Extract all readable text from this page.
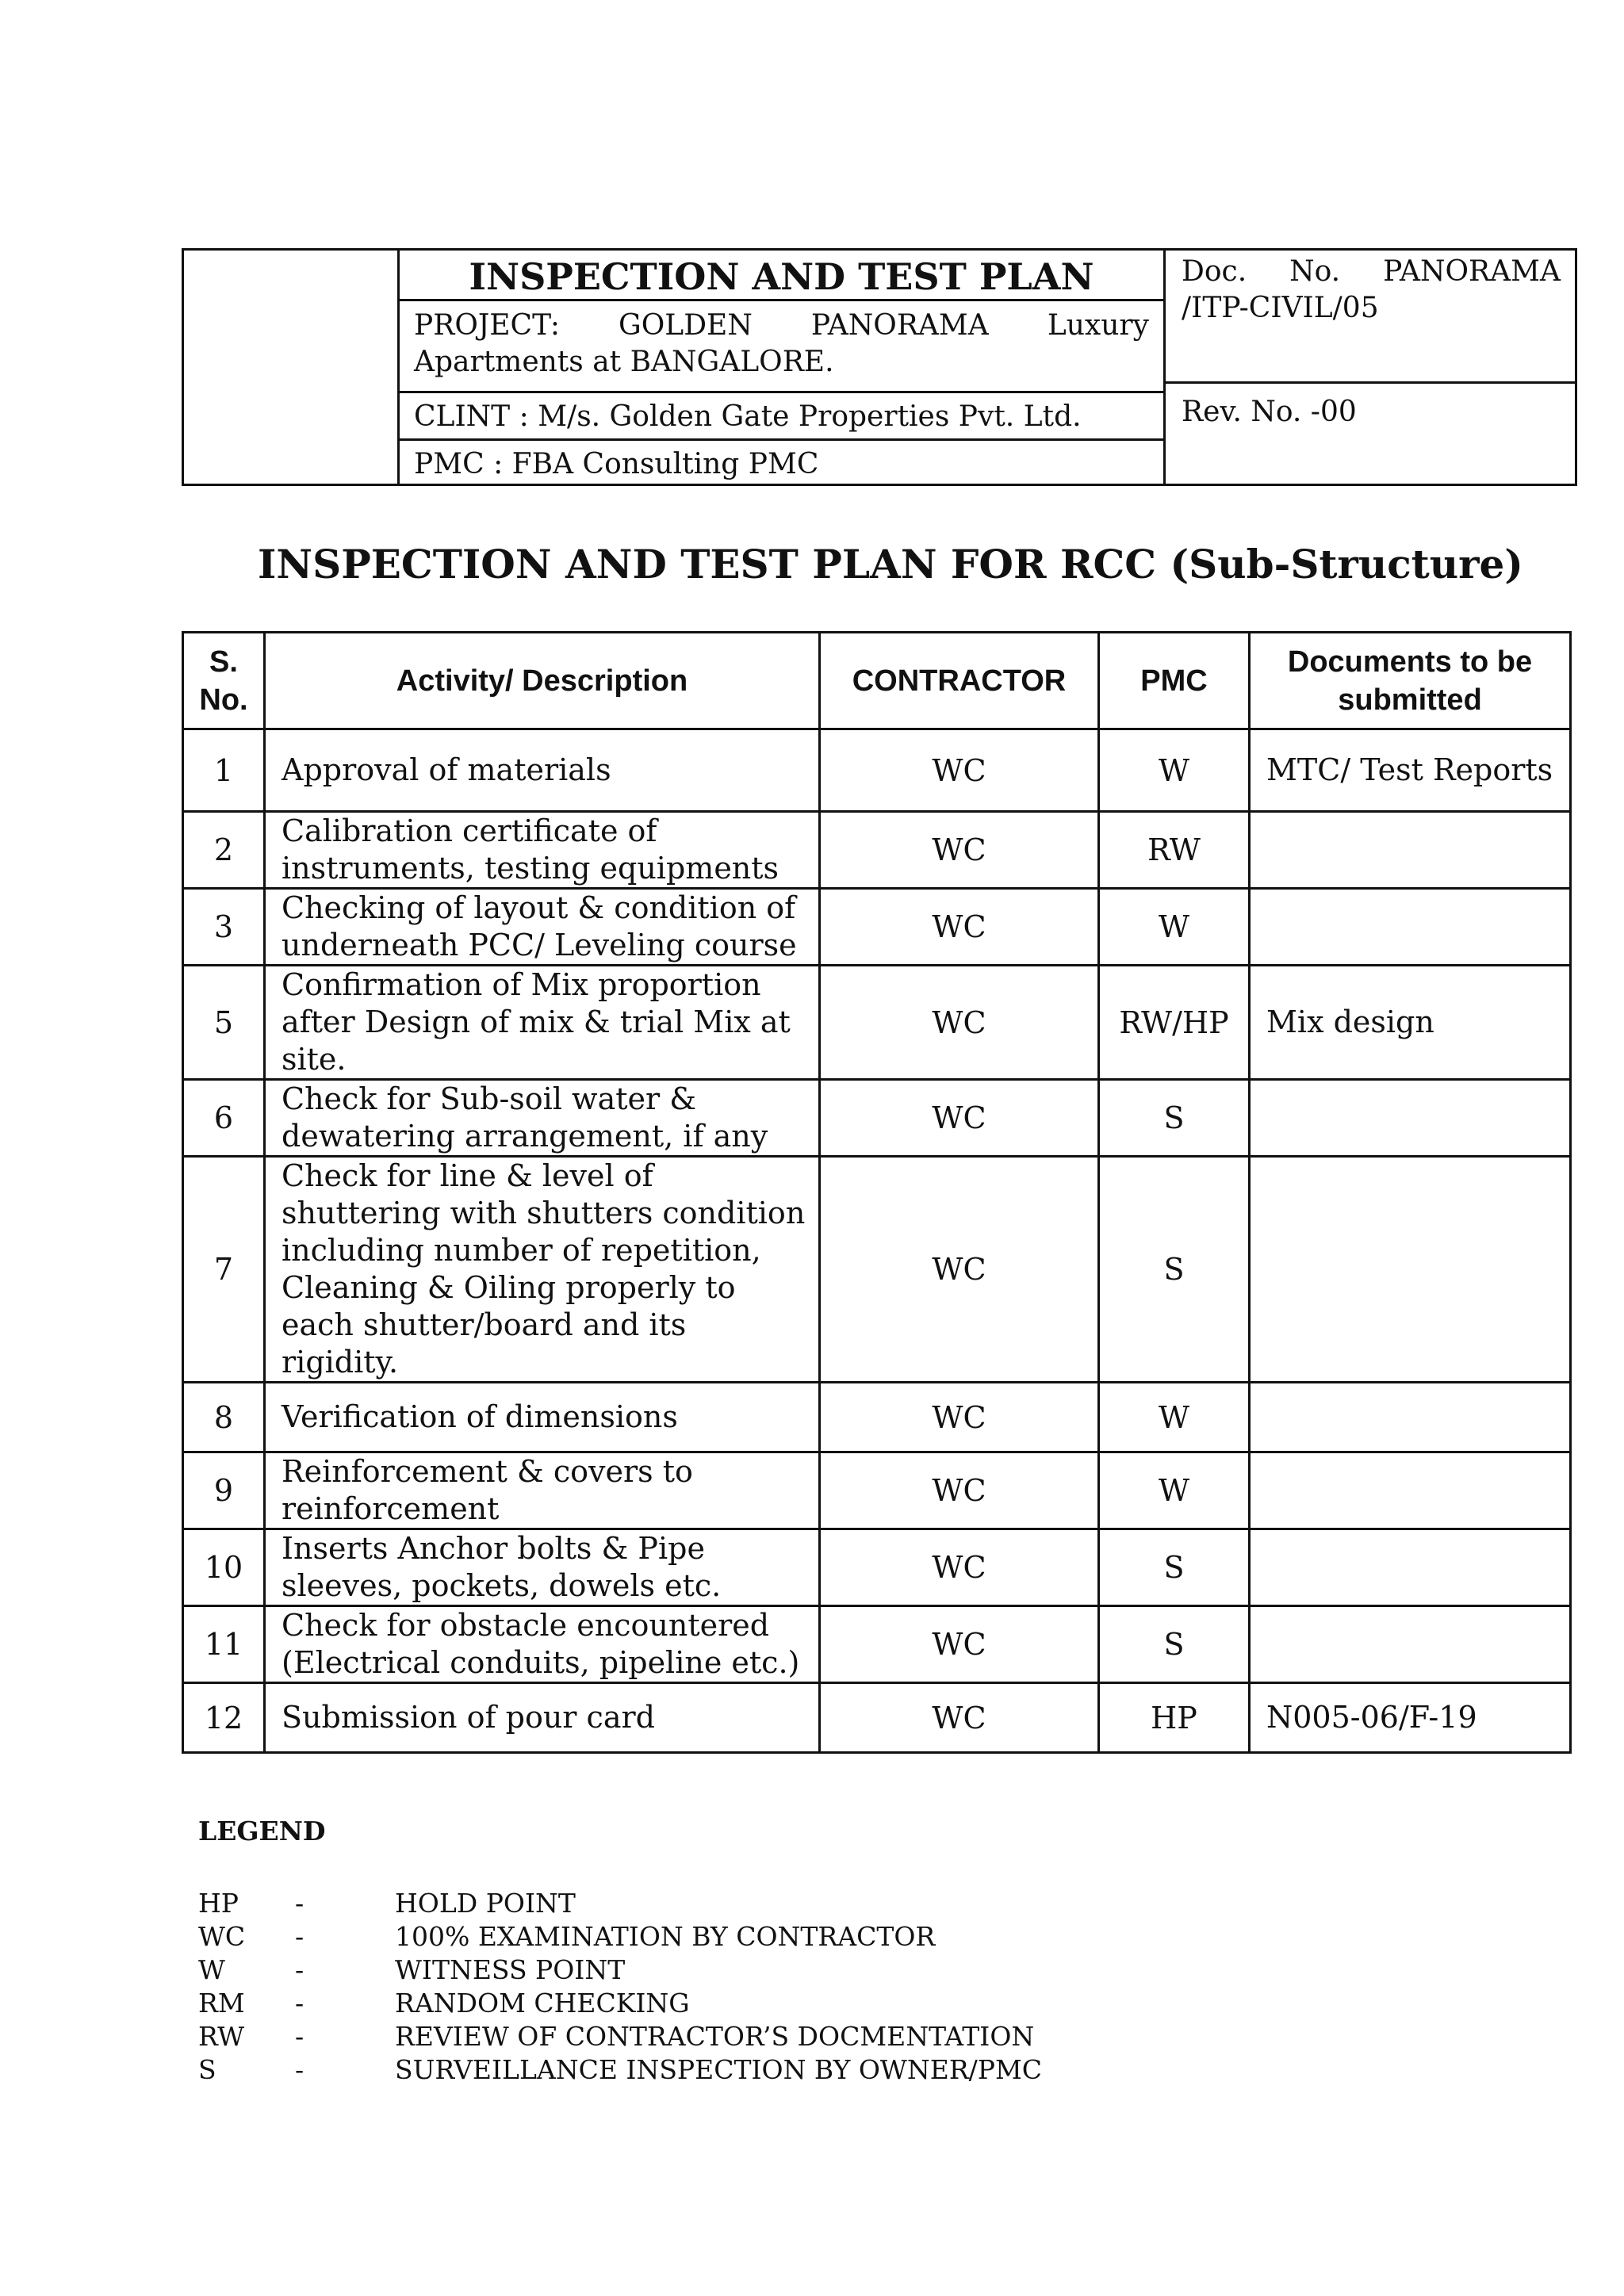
INSPECTION AND TEST PLAN
PROJECT: GOLDEN PANORAMA Luxury
Apartments at BANGALORE.
CLINT : M/s. Golden Gate Properties Pvt. Ltd.
PMC : FBA Consulting PMC
Doc. No. PANORAMA
/ITP-CIVIL/05
Rev. No. -00
INSPECTION AND TEST PLAN FOR RCC (Sub-Structure)
S. No.	Activity/ Description	CONTRACTOR	PMC	Documents to be submitted
1	Approval of materials	WC	W	MTC/ Test Reports
2	Calibration certificate of instruments, testing equipments	WC	RW	
3	Checking of layout & condition of underneath PCC/ Leveling course	WC	W	
5	Confirmation of Mix proportion after Design of mix & trial Mix at site.	WC	RW/HP	Mix design
6	Check for Sub-soil water & dewatering arrangement, if any	WC	S	
7	Check for line & level of shuttering with shutters condition including number of repetition, Cleaning & Oiling properly to each shutter/board and its rigidity.	WC	S	
8	Verification of dimensions	WC	W	
9	Reinforcement & covers to reinforcement	WC	W	
10	Inserts Anchor bolts & Pipe sleeves, pockets, dowels etc.	WC	S	
11	Check for obstacle encountered (Electrical conduits, pipeline etc.)	WC	S	
12	Submission of pour card	WC	HP	N005-06/F-19
LEGEND
HP -	HOLD POINT
WC -	100% EXAMINATION BY CONTRACTOR
W	-	WITNESS POINT
RM -	RANDOM CHECKING
RW -	REVIEW OF CONTRACTOR’S DOCMENTATION
S	-	SURVEILLANCE INSPECTION BY OWNER/PMC
